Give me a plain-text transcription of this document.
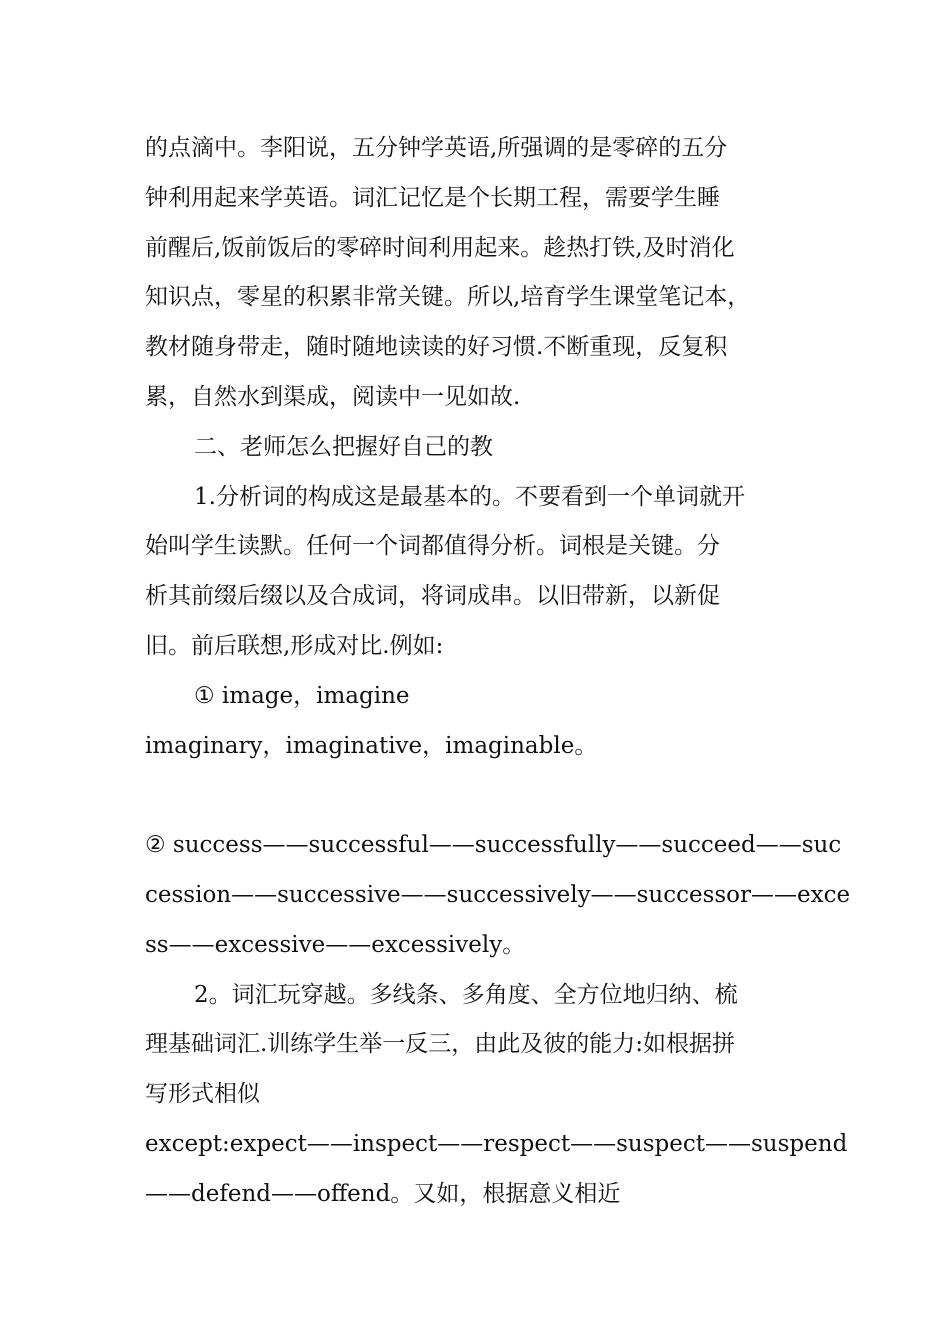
的点滴中。李阳说，五分钟学英语,所强调的是零碎的五分
钟利用起来学英语。词汇记忆是个长期工程，需要学生睡
前醒后,饭前饭后的零碎时间利用起来。趁热打铁,及时消化
知识点，零星的积累非常关键。所以,培育学生课堂笔记本，
教材随身带走，随时随地读读的好习惯.不断重现，反复积
累，自然水到渠成，阅读中一见如故.
二、老师怎么把握好自己的教
1.分析词的构成这是最基本的。不要看到一个单词就开
始叫学生读默。任何一个词都值得分析。词根是关键。分
析其前缀后缀以及合成词，将词成串。以旧带新，以新促
旧。前后联想,形成对比.例如:
① image，imagine
imaginary，imaginative，imaginable。
② success——successful——successfully——succeed——suc
cession——successive——successively——successor——exce
ss——excessive——excessively。
2。词汇玩穿越。多线条、多角度、全方位地归纳、梳
理基础词汇.训练学生举一反三，由此及彼的能力:如根据拼
写形式相似
except:expect——inspect——respect——suspect——suspend
——defend——offend。又如，根据意义相近
